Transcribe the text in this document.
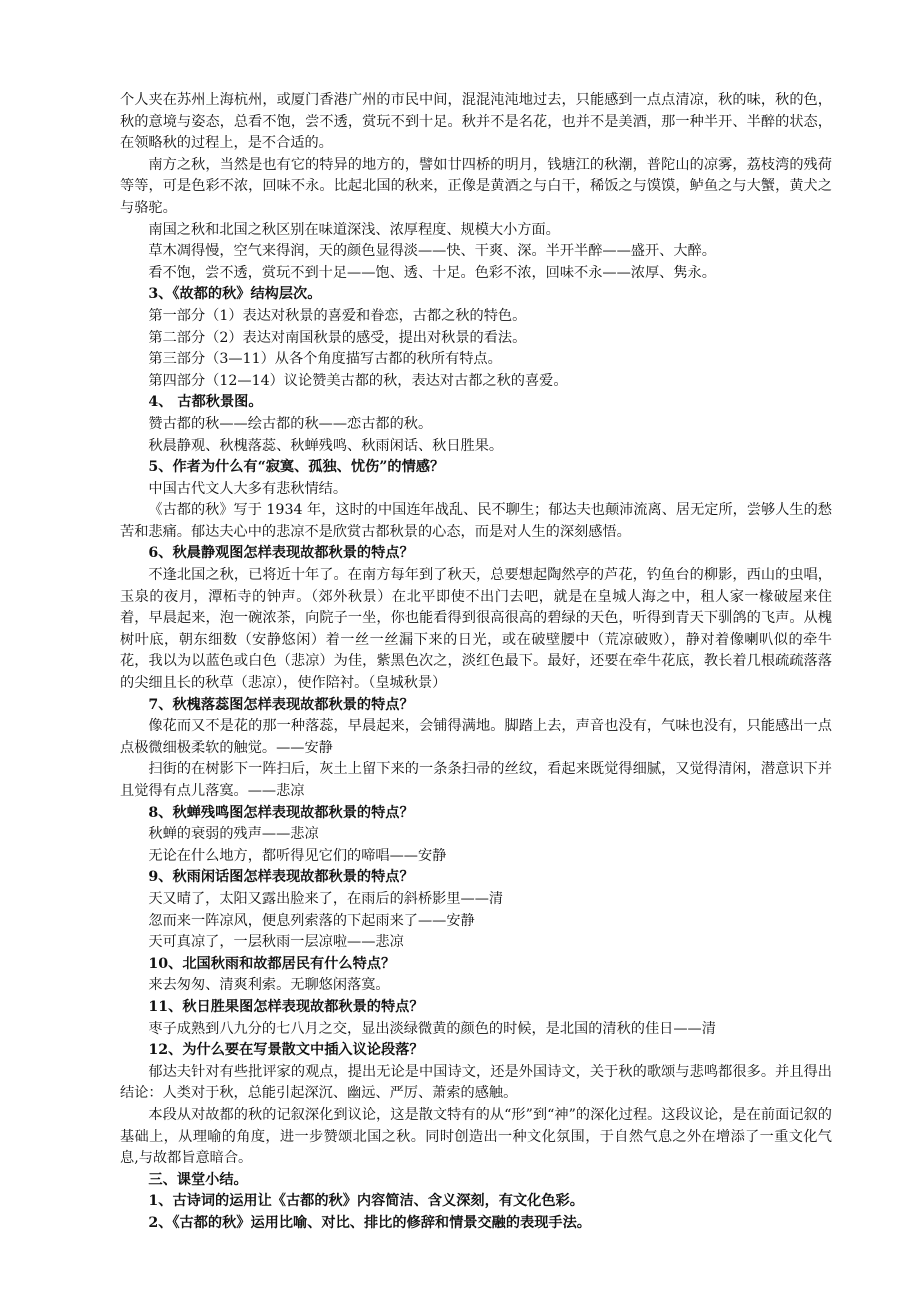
个人夹在苏州上海杭州，或厦门香港广州的市民中间，混混沌沌地过去，只能感到一点点清凉，秋的味，秋的色，秋的意境与姿态，总看不饱，尝不透，赏玩不到十足。秋并不是名花，也并不是美酒，那一种半开、半醉的状态，在领略秋的过程上，是不合适的。

南方之秋，当然是也有它的特异的地方的，譬如廿四桥的明月，钱塘江的秋潮，普陀山的凉雾，荔枝湾的残荷等等，可是色彩不浓，回味不永。比起北国的秋来，正像是黄酒之与白干，稀饭之与馍馍，鲈鱼之与大蟹，黄犬之与骆驼。

南国之秋和北国之秋区别在味道深浅、浓厚程度、规模大小方面。

草木凋得慢，空气来得润，天的颜色显得淡——快、干爽、深。半开半醉——盛开、大醉。

看不饱，尝不透，赏玩不到十足——饱、透、十足。色彩不浓，回味不永——浓厚、隽永。

3、《故都的秋》结构层次。

第一部分（1）表达对秋景的喜爱和眷恋，古都之秋的特色。

第二部分（2）表达对南国秋景的感受，提出对秋景的看法。

第三部分（3—11）从各个角度描写古都的秋所有特点。

第四部分（12—14）议论赞美古都的秋，表达对古都之秋的喜爱。

4、 古都秋景图。

赞古都的秋——绘古都的秋——恋古都的秋。

秋晨静观、秋槐落蕊、秋蝉残鸣、秋雨闲话、秋日胜果。

5、作者为什么有“寂寞、孤独、忧伤”的情感？

中国古代文人大多有悲秋情结。

《古都的秋》写于 1934 年，这时的中国连年战乱、民不聊生；郁达夫也颠沛流离、居无定所，尝够人生的愁苦和悲痛。郁达夫心中的悲凉不是欣赏古都秋景的心态，而是对人生的深刻感悟。

6、秋晨静观图怎样表现故都秋景的特点？

不逢北国之秋，已将近十年了。在南方每年到了秋天，总要想起陶然亭的芦花，钓鱼台的柳影，西山的虫唱，玉泉的夜月，潭柘寺的钟声。（郊外秋景）在北平即使不出门去吧，就是在皇城人海之中，租人家一椽破屋来住着，早晨起来，泡一碗浓茶，向院子一坐，你也能看得到很高很高的碧绿的天色，听得到青天下驯鸽的飞声。从槐树叶底，朝东细数（安静悠闲）着一丝一丝漏下来的日光，或在破壁腰中（荒凉破败），静对着像喇叭似的牵牛花，我以为以蓝色或白色（悲凉）为佳，紫黑色次之，淡红色最下。最好，还要在牵牛花底，教长着几根疏疏落落的尖细且长的秋草（悲凉），使作陪衬。（皇城秋景）

7、秋槐落蕊图怎样表现故都秋景的特点？

像花而又不是花的那一种落蕊，早晨起来，会铺得满地。脚踏上去，声音也没有，气味也没有，只能感出一点点极微细极柔软的触觉。——安静

扫街的在树影下一阵扫后，灰土上留下来的一条条扫帚的丝纹，看起来既觉得细腻，又觉得清闲，潜意识下并且觉得有点儿落寞。——悲凉

8、秋蝉残鸣图怎样表现故都秋景的特点？

秋蝉的衰弱的残声——悲凉

无论在什么地方，都听得见它们的啼唱——安静

9、秋雨闲话图怎样表现故都秋景的特点？

天又晴了，太阳又露出脸来了，在雨后的斜桥影里——清

忽而来一阵凉风，便息列索落的下起雨来了——安静

天可真凉了，一层秋雨一层凉啦——悲凉

10、北国秋雨和故都居民有什么特点？

来去匆匆、清爽利索。无聊悠闲落寞。

11、秋日胜果图怎样表现故都秋景的特点？

枣子成熟到八九分的七八月之交，显出淡绿微黄的颜色的时候，是北国的清秋的佳日——清

12、为什么要在写景散文中插入议论段落？

郁达夫针对有些批评家的观点，提出无论是中国诗文，还是外国诗文，关于秋的歌颂与悲鸣都很多。并且得出结论：人类对于秋，总能引起深沉、幽远、严厉、萧索的感触。

本段从对故都的秋的记叙深化到议论，这是散文特有的从“形”到“神”的深化过程。这段议论，是在前面记叙的基础上，从理喻的角度，进一步赞颂北国之秋。同时创造出一种文化氛围，于自然气息之外在增添了一重文化气息,与故都旨意暗合。

三、课堂小结。

1、古诗词的运用让《古都的秋》内容简洁、含义深刻，有文化色彩。

2、《古都的秋》运用比喻、对比、排比的修辞和情景交融的表现手法。
